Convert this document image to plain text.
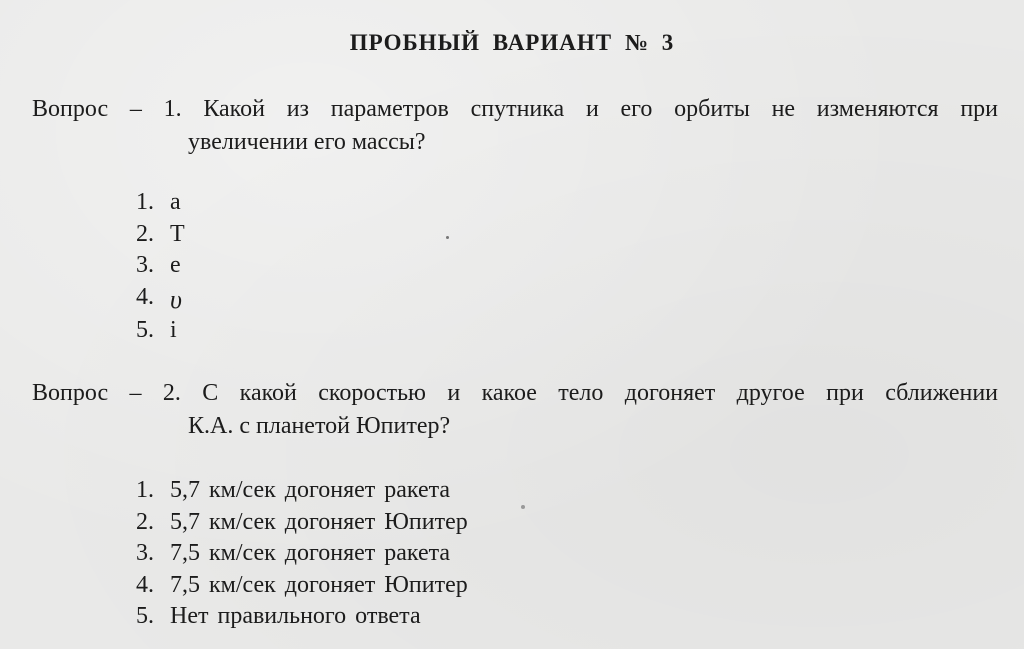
ПРОБНЫЙ ВАРИАНТ № 3
Вопрос – 1. Какой из параметров спутника и его орбиты не изменяются при
увеличении его массы?
1. a
2. T
3. e
4. υ
5. i
Вопрос – 2. С какой скоростью и какое тело догоняет другое при сближении
К.А. с планетой Юпитер?
1. 5,7 км/сек догоняет ракета
2. 5,7 км/сек догоняет Юпитер
3. 7,5 км/сек догоняет ракета
4. 7,5 км/сек догоняет Юпитер
5. Нет правильного ответа
